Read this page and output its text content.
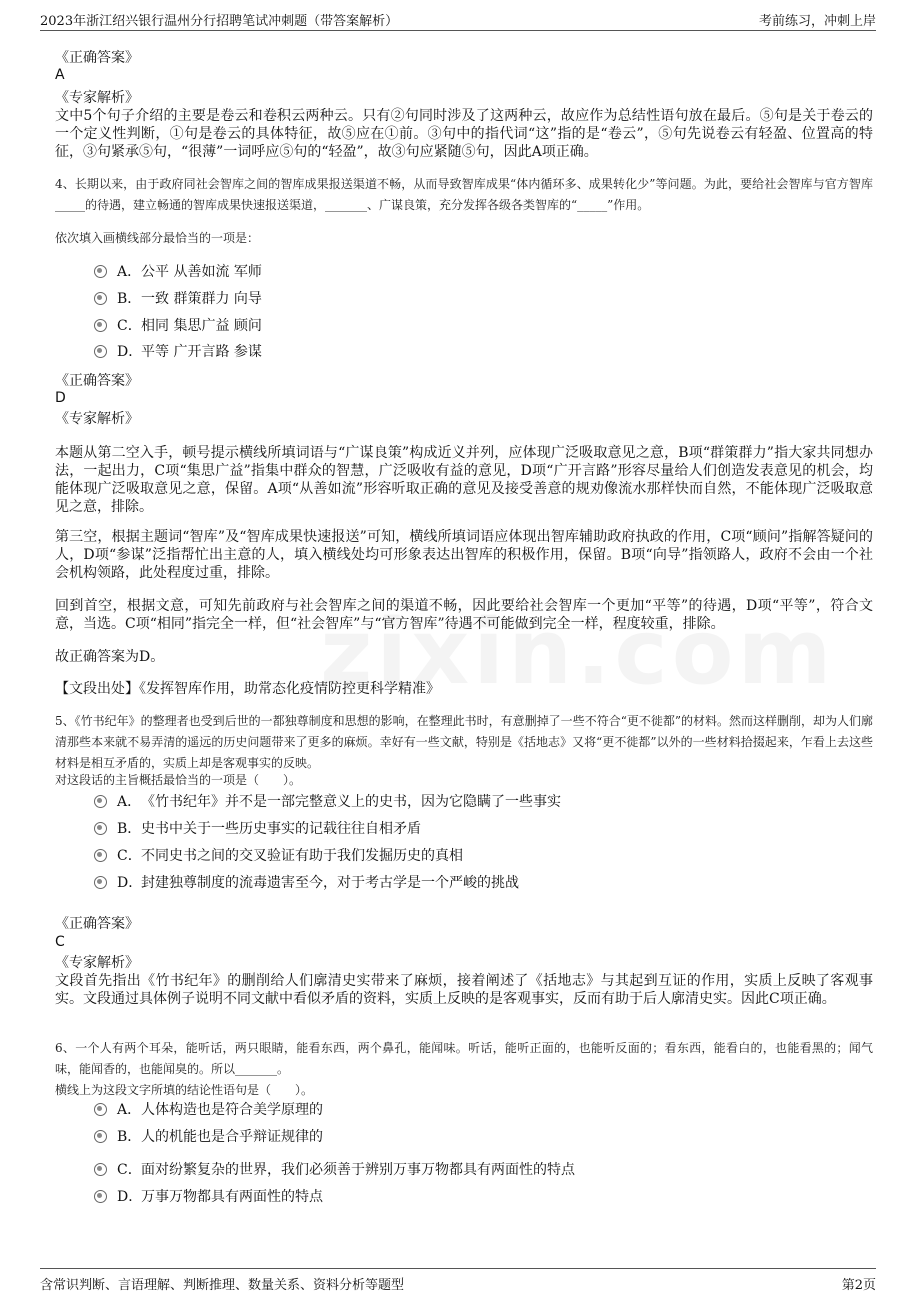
2023年浙江绍兴银行温州分行招聘笔试冲刺题（带答案解析）	考前练习，冲刺上岸
《正确答案》
A
《专家解析》
文中5个句子介绍的主要是卷云和卷积云两种云。只有②句同时涉及了这两种云，故应作为总结性语句放在最后。⑤句是关于卷云的一个定义性判断，①句是卷云的具体特征，故⑤应在①前。③句中的指代词“这”指的是“卷云”，⑤句先说卷云有轻盈、位置高的特征，③句紧承⑤句，“很薄”一词呼应⑤句的“轻盈”，故③句应紧随⑤句，因此A项正确。
4、长期以来，由于政府同社会智库之间的智库成果报送渠道不畅，从而导致智库成果“体内循环多、成果转化少”等问题。为此，要给社会智库与官方智库_____的待遇，建立畅通的智库成果快速报送渠道，_______、广谋良策，充分发挥各级各类智库的“_____”作用。
依次填入画横线部分最恰当的一项是：
A．公平 从善如流 军师
B．一致 群策群力 向导
C．相同 集思广益 顾问
D．平等 广开言路 参谋
《正确答案》
D
《专家解析》
本题从第二空入手，顿号提示横线所填词语与“广谋良策”构成近义并列，应体现广泛吸取意见之意，B项“群策群力”指大家共同想办法，一起出力，C项“集思广益”指集中群众的智慧，广泛吸收有益的意见，D项“广开言路”形容尽量给人们创造发表意见的机会，均能体现广泛吸取意见之意，保留。A项“从善如流”形容听取正确的意见及接受善意的规劝像流水那样快而自然，不能体现广泛吸取意见之意，排除。
第三空，根据主题词“智库”及“智库成果快速报送”可知，横线所填词语应体现出智库辅助政府执政的作用，C项“顾问”指解答疑问的人，D项“参谋”泛指帮忙出主意的人，填入横线处均可形象表达出智库的积极作用，保留。B项“向导”指领路人，政府不会由一个社会机构领路，此处程度过重，排除。
回到首空，根据文意，可知先前政府与社会智库之间的渠道不畅，因此要给社会智库一个更加“平等”的待遇，D项“平等”，符合文意，当选。C项“相同”指完全一样，但“社会智库”与“官方智库”待遇不可能做到完全一样，程度较重，排除。
故正确答案为D。
【文段出处】《发挥智库作用，助常态化疫情防控更科学精准》
5、《竹书纪年》的整理者也受到后世的一都独尊制度和思想的影响，在整理此书时，有意删掉了一些不符合“更不徙都”的材料。然而这样删削，却为人们廓清那些本来就不易弄清的遥远的历史问题带来了更多的麻烦。幸好有一些文献，特别是《括地志》又将“更不徙都”以外的一些材料拾掇起来，乍看上去这些材料是相互矛盾的，实质上却是客观事实的反映。
对这段话的主旨概括最恰当的一项是（　　）。
A．《竹书纪年》并不是一部完整意义上的史书，因为它隐瞒了一些事实
B．史书中关于一些历史事实的记载往往自相矛盾
C．不同史书之间的交叉验证有助于我们发掘历史的真相
D．封建独尊制度的流毒遗害至今，对于考古学是一个严峻的挑战
《正确答案》
C
《专家解析》
文段首先指出《竹书纪年》的删削给人们廓清史实带来了麻烦，接着阐述了《括地志》与其起到互证的作用，实质上反映了客观事实。文段通过具体例子说明不同文献中看似矛盾的资料，实质上反映的是客观事实，反而有助于后人廓清史实。因此C项正确。
6、一个人有两个耳朵，能听话，两只眼睛，能看东西，两个鼻孔，能闻味。听话，能听正面的，也能听反面的；看东西，能看白的，也能看黑的；闻气味，能闻香的，也能闻臭的。所以_______。
横线上为这段文字所填的结论性语句是（　　）。
A．人体构造也是符合美学原理的
B．人的机能也是合乎辩证规律的
C．面对纷繁复杂的世界，我们必须善于辨别万事万物都具有两面性的特点
D．万事万物都具有两面性的特点
含常识判断、言语理解、判断推理、数量关系、资料分析等题型	第2页
